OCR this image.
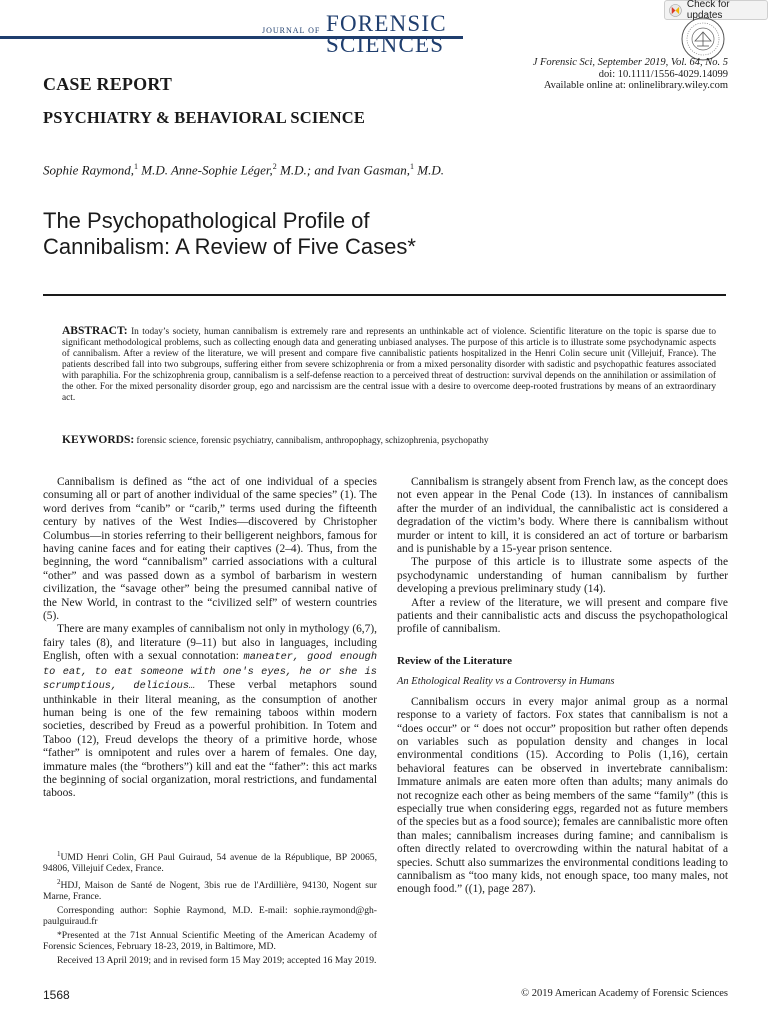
JOURNAL OF FORENSIC
SCIENCES
Check for updates
J Forensic Sci, September 2019, Vol. 64, No. 5
doi: 10.1111/1556-4029.14099
Available online at: onlinelibrary.wiley.com
CASE REPORT
PSYCHIATRY & BEHAVIORAL SCIENCE
Sophie Raymond,$^1$ M.D. Anne-Sophie Léger,$^2$ M.D.; and Ivan Gasman,$^1$ M.D.
The Psychopathological Profile of
Cannibalism: A Review of Five Cases*
ABSTRACT: In today’s society, human cannibalism is extremely rare and represents an unthinkable act of violence. Scientific literature on the topic is sparse due to significant methodological problems, such as collecting enough data and generating unbiased analyses. The purpose of this article is to illustrate some psychodynamic aspects of cannibalism. After a review of the literature, we will present and compare five cannibalistic patients hospitalized in the Henri Colin secure unit (Villejuif, France). The patients described fall into two subgroups, suffering either from severe schizophrenia or from a mixed personality disorder with sadistic and psychopathic features associated with paraphilia. For the schizophrenia group, cannibalism is a self-defense reaction to a perceived threat of destruction: survival depends on the annihilation or assimilation of the other. For the mixed personality disorder group, ego and narcissism are the central issue with a desire to overcome deep-rooted frustrations by means of an extraordinary act.
KEYWORDS: forensic science, forensic psychiatry, cannibalism, anthropophagy, schizophrenia, psychopathy

Cannibalism is defined as “the act of one individual of a species consuming all or part of another individual of the same species” (1). The word derives from “canib” or “carib,” terms used during the fifteenth century by natives of the West Indies—discovered by Christopher Columbus—in stories referring to their belligerent neighbors, famous for having canine faces and for eating their captives (2–4). Thus, from the beginning, the word “cannibalism” carried associations with a cultural “other” and was passed down as a symbol of barbarism in western civilization, the “savage other” being the presumed cannibal native of the New World, in contrast to the “civilized self” of western countries (5).

There are many examples of cannibalism not only in mythology (6,7), fairy tales (8), and literature (9–11) but also in languages, including English, often with a sexual connotation: maneater, good enough to eat, to eat someone with one's eyes, he or she is scrumptious, delicious… These verbal metaphors sound unthinkable in their literal meaning, as the consumption of another human being is one of the few remaining taboos within modern societies, described by Freud as a powerful prohibition. In Totem and Taboo (12), Freud develops the theory of a primitive horde, whose “father” is omnipotent and rules over a harem of females. One day, immature males (the “brothers”) kill and eat the “father”: this act marks the beginning of social organization, moral restrictions, and fundamental taboos.

Cannibalism is strangely absent from French law, as the concept does not even appear in the Penal Code (13). In instances of cannibalism after the murder of an individual, the cannibalistic act is considered a degradation of the victim’s body. Where there is cannibalism without murder or intent to kill, it is considered an act of torture or barbarism and is punishable by a 15-year prison sentence.

The purpose of this article is to illustrate some aspects of the psychodynamic understanding of human cannibalism by further developing a previous preliminary study (14).

After a review of the literature, we will present and compare five patients and their cannibalistic acts and discuss the psychopathological profile of cannibalism.

Review of the Literature

An Ethological Reality vs a Controversy in Humans

Cannibalism occurs in every major animal group as a normal response to a variety of factors. Fox states that cannibalism is not a “does occur” or “ does not occur” proposition but rather often depends on variables such as population density and changes in local environmental conditions (15). According to Polis (1,16), certain behavioral features can be observed in invertebrate cannibalism: Immature animals are eaten more often than adults; many animals do not recognize each other as being members of the same “family” (this is especially true when considering eggs, regarded not as future members of the species but as a food source); females are cannibalistic more often than males; cannibalism increases during famine; and cannibalism is often directly related to overcrowding within the natural habitat of a species. Schutt also summarizes the environmental conditions leading to cannibalism as “too many kids, not enough space, too many males, not enough food.” ((1), page 287).

$^1$UMD Henri Colin, GH Paul Guiraud, 54 avenue de la République, BP 20065, 94806, Villejuif Cedex, France.

$^2$HDJ, Maison de Santé de Nogent, 3bis rue de l'Ardillière, 94130, Nogent sur Marne, France.

Corresponding author: Sophie Raymond, M.D. E-mail: sophie.raymond@gh-paulguiraud.fr

*Presented at the 71st Annual Scientific Meeting of the American Academy of Forensic Sciences, February 18-23, 2019, in Baltimore, MD.

Received 13 April 2019; and in revised form 15 May 2019; accepted 16 May 2019.

1568	© 2019 American Academy of Forensic Sciences
